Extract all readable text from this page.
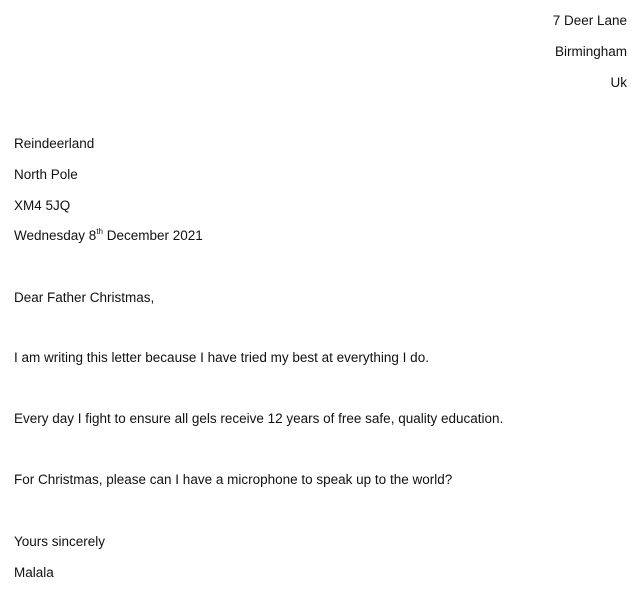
7 Deer Lane
Birmingham
Uk
Reindeerland
North Pole
XM4 5JQ
Wednesday 8th December 2021
Dear Father Christmas,
I am writing this letter because I have tried my best at everything I do.
Every day I fight to ensure all gels receive 12 years of free safe, quality education.
For Christmas, please can I have a microphone to speak up to the world?
Yours sincerely
Malala
